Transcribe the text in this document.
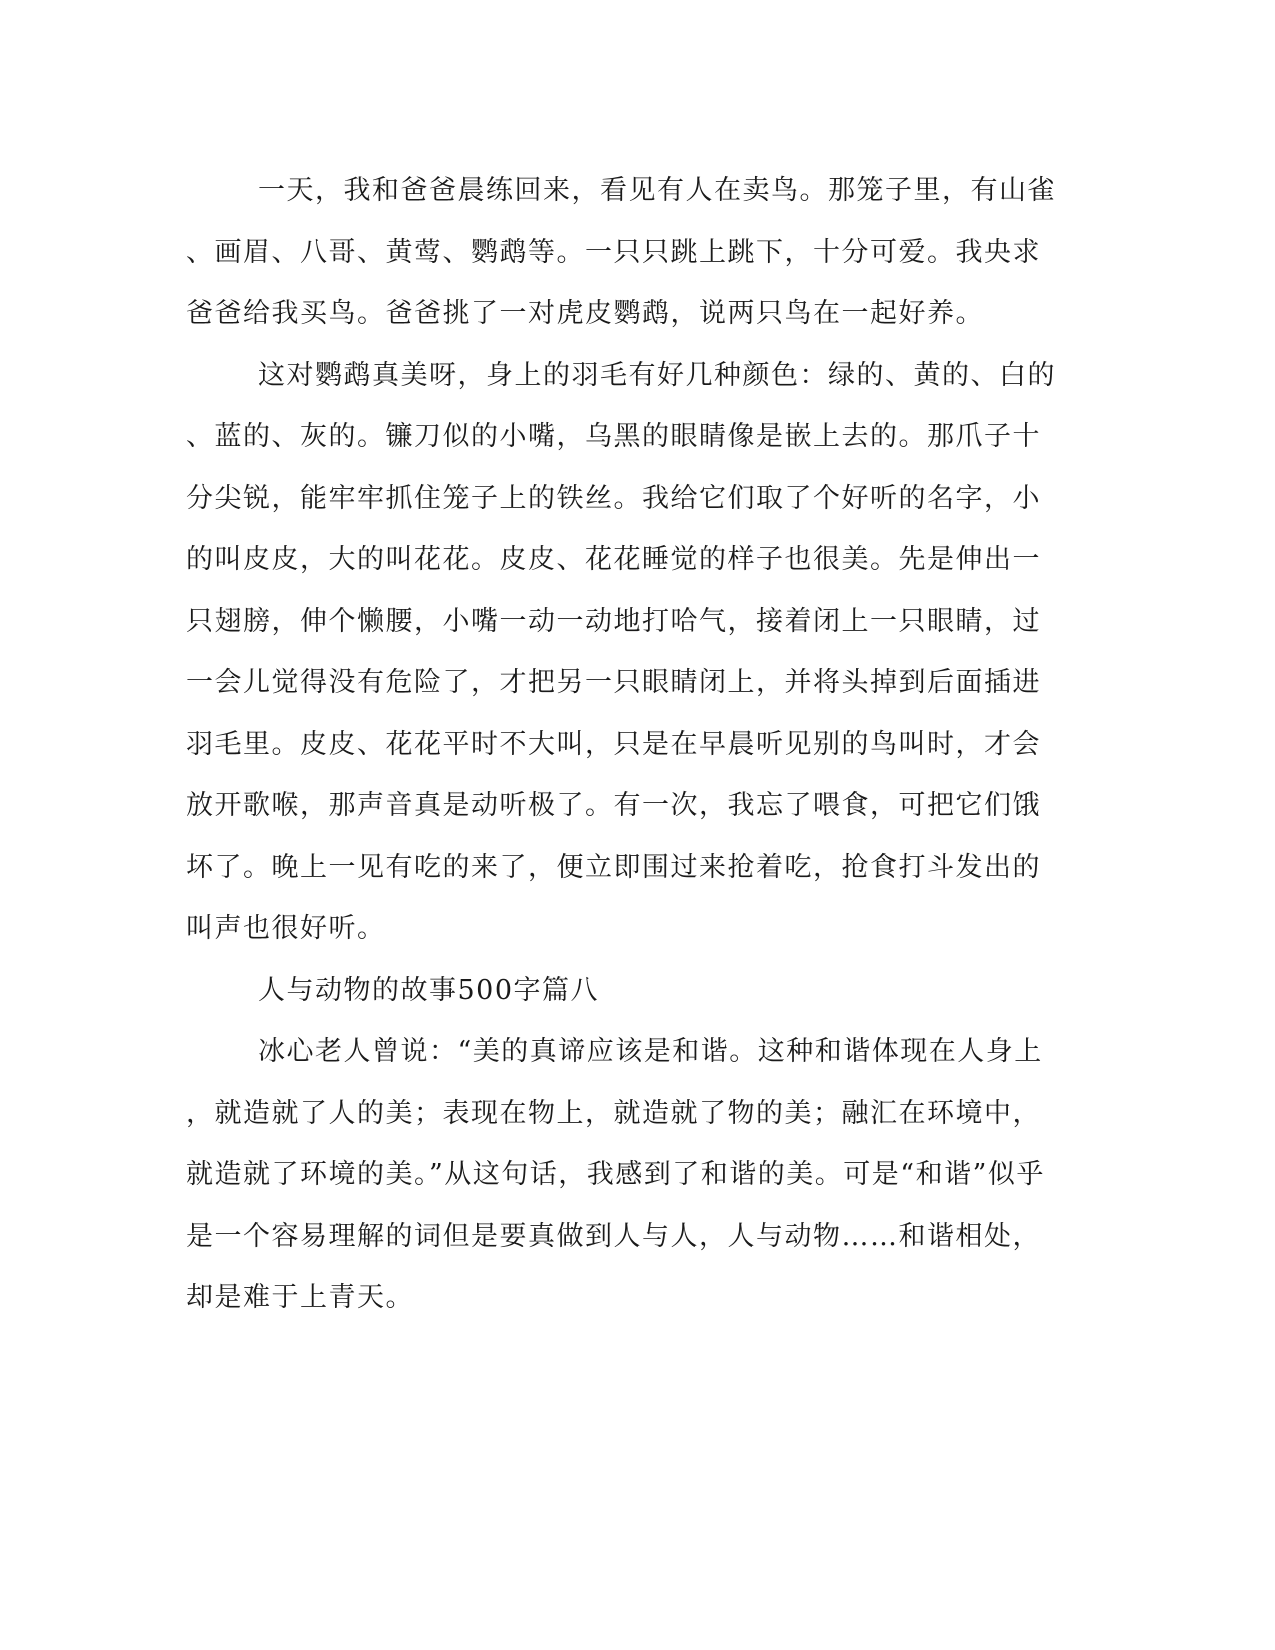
一天，我和爸爸晨练回来，看见有人在卖鸟。那笼子里，有山雀
、画眉、八哥、黄莺、鹦鹉等。一只只跳上跳下，十分可爱。我央求
爸爸给我买鸟。爸爸挑了一对虎皮鹦鹉，说两只鸟在一起好养。
这对鹦鹉真美呀，身上的羽毛有好几种颜色：绿的、黄的、白的
、蓝的、灰的。镰刀似的小嘴，乌黑的眼睛像是嵌上去的。那爪子十
分尖锐，能牢牢抓住笼子上的铁丝。我给它们取了个好听的名字，小
的叫皮皮，大的叫花花。皮皮、花花睡觉的样子也很美。先是伸出一
只翅膀，伸个懒腰，小嘴一动一动地打哈气，接着闭上一只眼睛，过
一会儿觉得没有危险了，才把另一只眼睛闭上，并将头掉到后面插进
羽毛里。皮皮、花花平时不大叫，只是在早晨听见别的鸟叫时，才会
放开歌喉，那声音真是动听极了。有一次，我忘了喂食，可把它们饿
坏了。晚上一见有吃的来了，便立即围过来抢着吃，抢食打斗发出的
叫声也很好听。
人与动物的故事500字篇八
冰心老人曾说：“美的真谛应该是和谐。这种和谐体现在人身上
，就造就了人的美；表现在物上，就造就了物的美；融汇在环境中，
就造就了环境的美。”从这句话，我感到了和谐的美。可是“和谐”似乎
是一个容易理解的词但是要真做到人与人，人与动物……和谐相处，
却是难于上青天。
